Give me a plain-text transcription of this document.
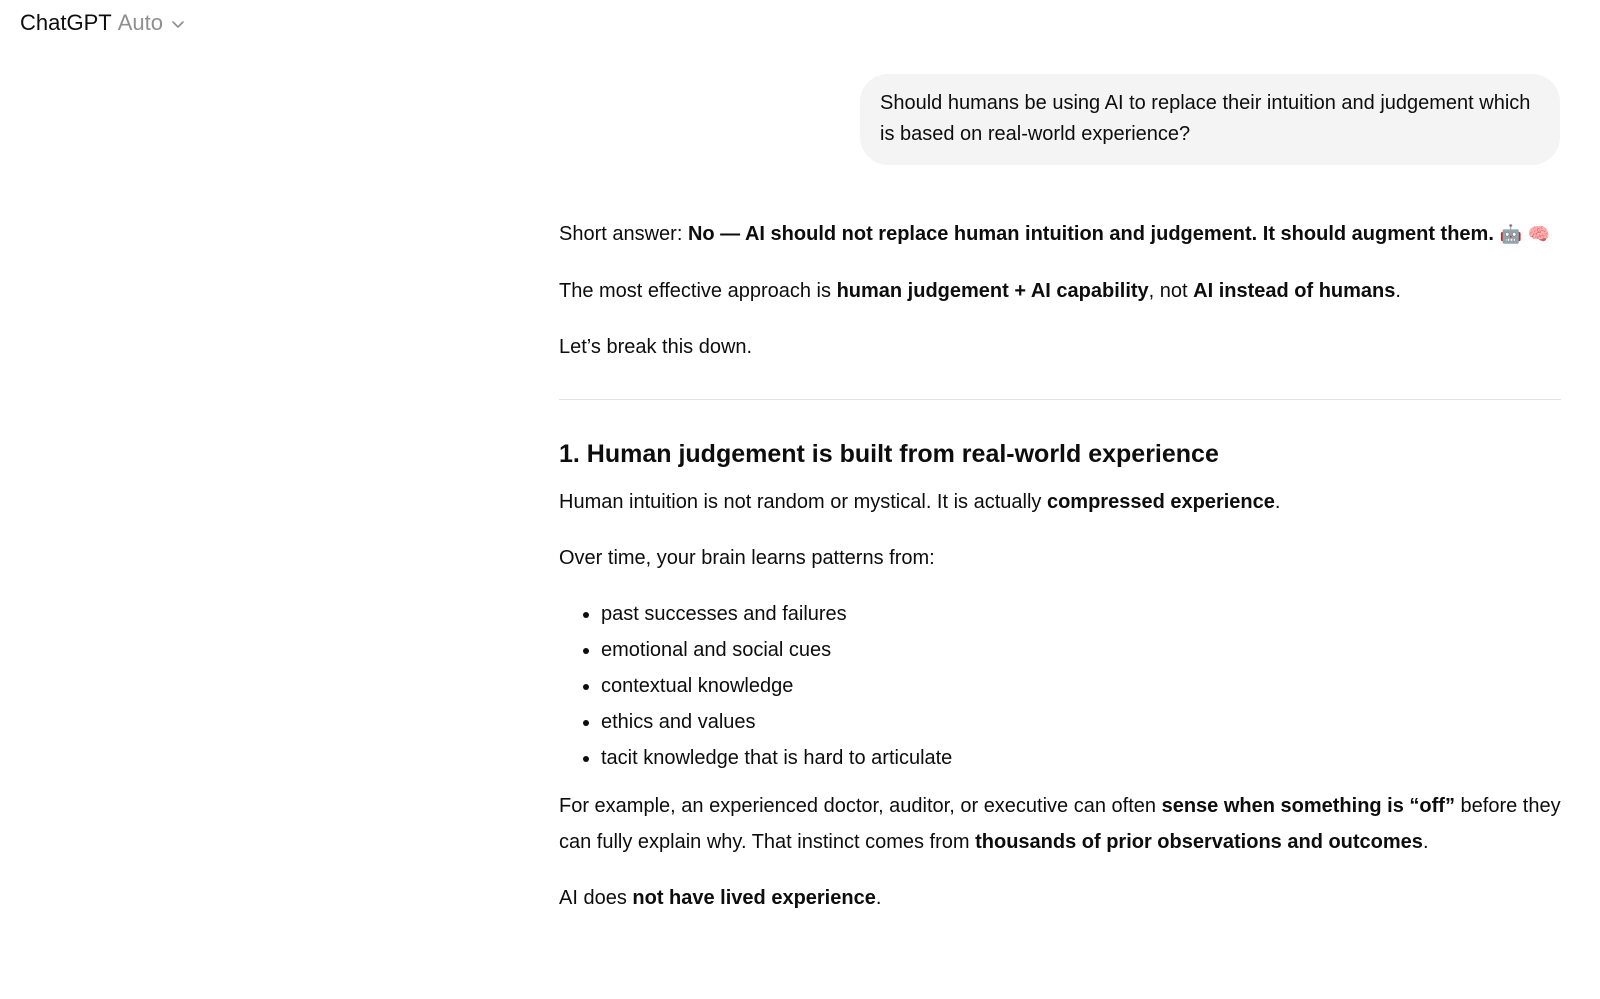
ChatGPT Auto
Should humans be using AI to replace their intuition and judgement which is based on real-world experience?

Short answer: No — AI should not replace human intuition and judgement. It should augment them. 🤖 🧠

The most effective approach is human judgement + AI capability, not AI instead of humans.

Let’s break this down.

1. Human judgement is built from real-world experience

Human intuition is not random or mystical. It is actually compressed experience.

Over time, your brain learns patterns from:

• past successes and failures
• emotional and social cues
• contextual knowledge
• ethics and values
• tacit knowledge that is hard to articulate

For example, an experienced doctor, auditor, or executive can often sense when something is “off” before they can fully explain why. That instinct comes from thousands of prior observations and outcomes.

AI does not have lived experience.
